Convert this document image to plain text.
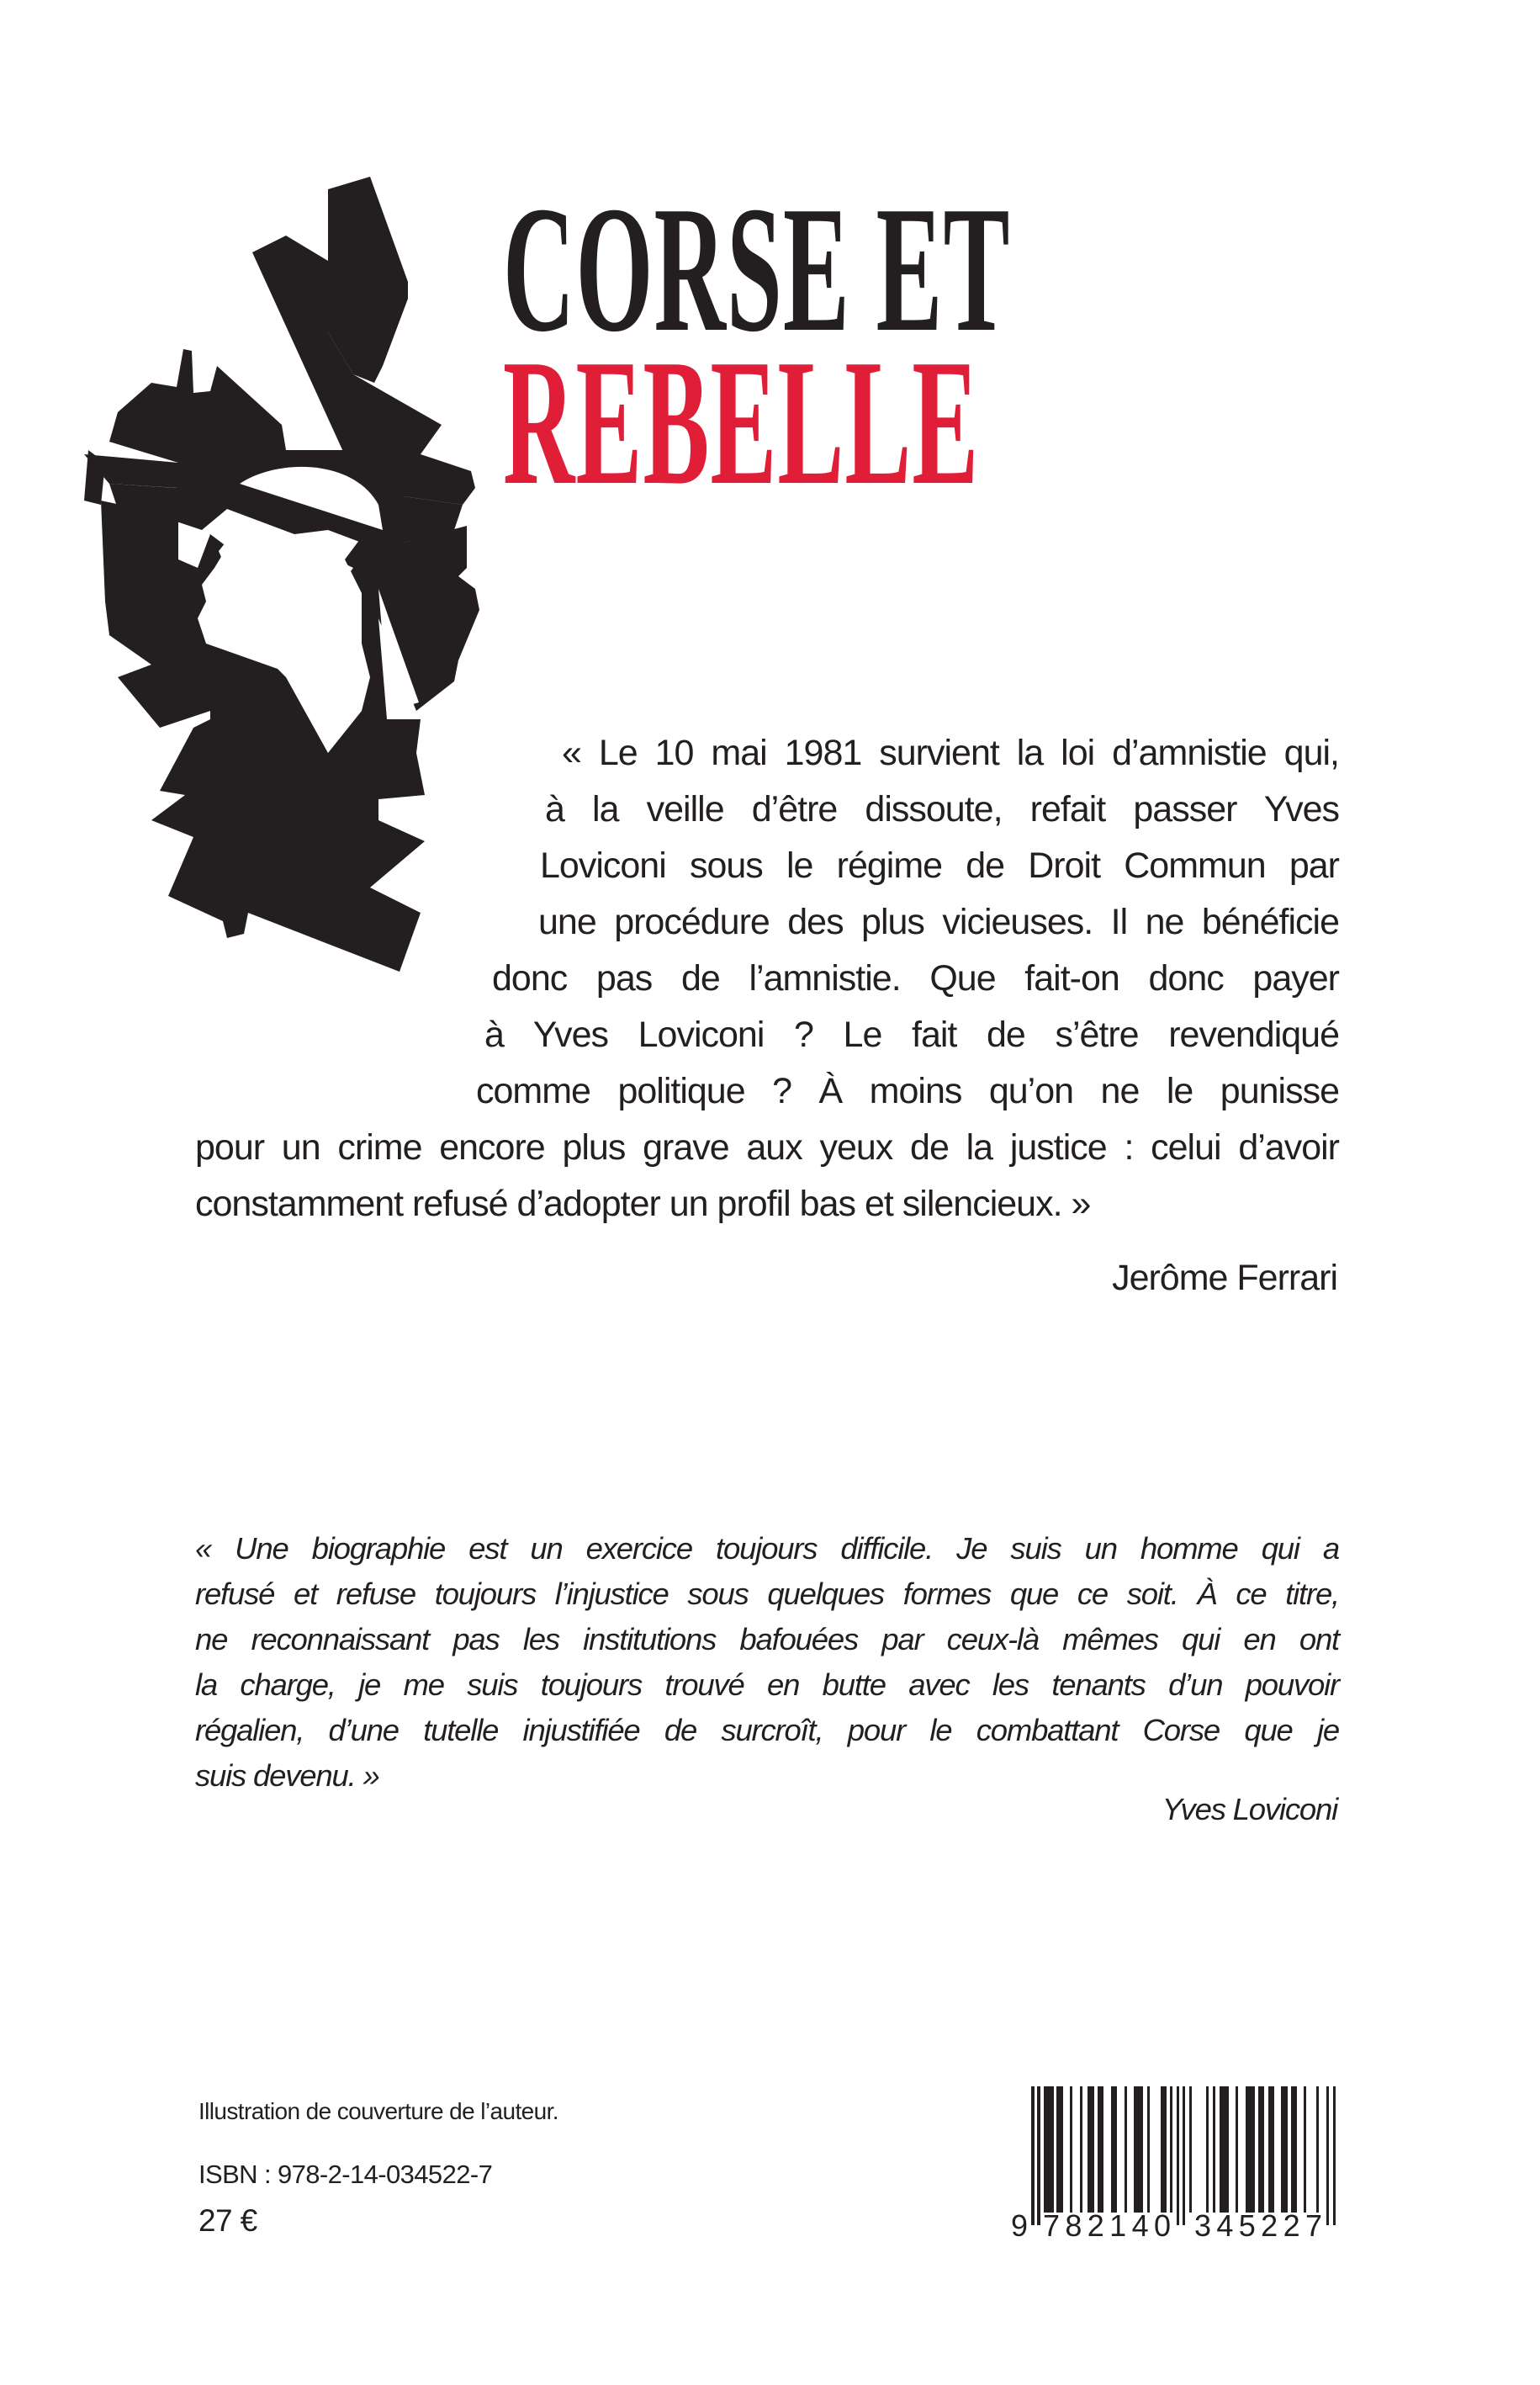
CORSE ET
REBELLE
« Le 10 mai 1981 survient la loi d’amnistie qui,
à la veille d’être dissoute, refait passer Yves
Loviconi sous le régime de Droit Commun par
une procédure des plus vicieuses. Il ne bénéficie
donc pas de l’amnistie. Que fait-on donc payer
à Yves Loviconi ? Le fait de s’être revendiqué
comme politique ? À moins qu’on ne le punisse
pour un crime encore plus grave aux yeux de la justice : celui d’avoir
constamment refusé d’adopter un profil bas et silencieux. »
Jerôme Ferrari
« Une biographie est un exercice toujours difficile. Je suis un homme qui a
refusé et refuse toujours l’injustice sous quelques formes que ce soit. À ce titre,
ne reconnaissant pas les institutions bafouées par ceux-là mêmes qui en ont
la charge, je me suis toujours trouvé en butte avec les tenants d’un pouvoir
régalien, d’une tutelle injustifiée de surcroît, pour le combattant Corse que je
suis devenu. »
Yves Loviconi
Illustration de couverture de l’auteur.
ISBN : 978-2-14-034522-7
27 €	9 782140 345227
